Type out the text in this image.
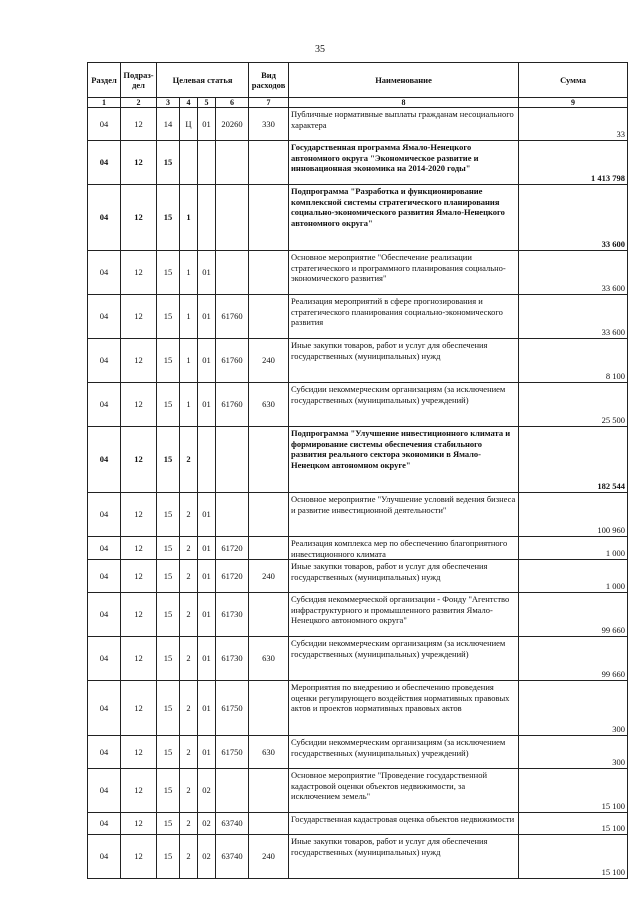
35
Раздел	Подраз-дел	Целевая статья				Вид расходов	Наименование	Сумма
1	2	3	4	5	6	7	8	9
04	12	14	Ц	01	20260	330	Публичные нормативные выплаты гражданам несоциального характера	33
04	12	15					Государственная программа Ямало-Ненецкого автономного округа "Экономическое развитие и инновационная экономика на 2014-2020 годы"	1 413 798
04	12	15	1				Подпрограмма "Разработка и функционирование комплексной системы стратегического планирования социально-экономического развития Ямало-Ненецкого автономного округа"	33 600
04	12	15	1	01			Основное мероприятие "Обеспечение реализации стратегического и программного планирования социально-экономического развития"	33 600
04	12	15	1	01	61760		Реализация мероприятий в сфере прогнозирования и стратегического планирования социально-экономического развития	33 600
04	12	15	1	01	61760	240	Иные закупки товаров, работ и услуг для обеспечения государственных (муниципальных) нужд	8 100
04	12	15	1	01	61760	630	Субсидии некоммерческим организациям (за исключением государственных (муниципальных) учреждений)	25 500
04	12	15	2				Подпрограмма "Улучшение инвестиционного климата и формирование системы обеспечения стабильного развития реального сектора экономики в Ямало-Ненецком автономном округе"	182 544
04	12	15	2	01			Основное мероприятие "Улучшение условий ведения бизнеса и развитие инвестиционной деятельности"	100 960
04	12	15	2	01	61720		Реализация комплекса мер по обеспечению благоприятного инвестиционного климата	1 000
04	12	15	2	01	61720	240	Иные закупки товаров, работ и услуг для обеспечения государственных (муниципальных) нужд	1 000
04	12	15	2	01	61730		Субсидия некоммерческой организации - Фонду "Агентство инфраструктурного и промышленного развития Ямало-Ненецкого автономного округа"	99 660
04	12	15	2	01	61730	630	Субсидии некоммерческим организациям (за исключением государственных (муниципальных) учреждений)	99 660
04	12	15	2	01	61750		Мероприятия по внедрению и обеспечению проведения оценки регулирующего воздействия нормативных правовых актов и проектов нормативных правовых актов	300
04	12	15	2	01	61750	630	Субсидии некоммерческим организациям (за исключением государственных (муниципальных) учреждений)	300
04	12	15	2	02			Основное мероприятие "Проведение государственной кадастровой оценки объектов недвижимости, за исключением земель"	15 100
04	12	15	2	02	63740		Государственная кадастровая оценка объектов недвижимости	15 100
04	12	15	2	02	63740	240	Иные закупки товаров, работ и услуг для обеспечения государственных (муниципальных) нужд	15 100
